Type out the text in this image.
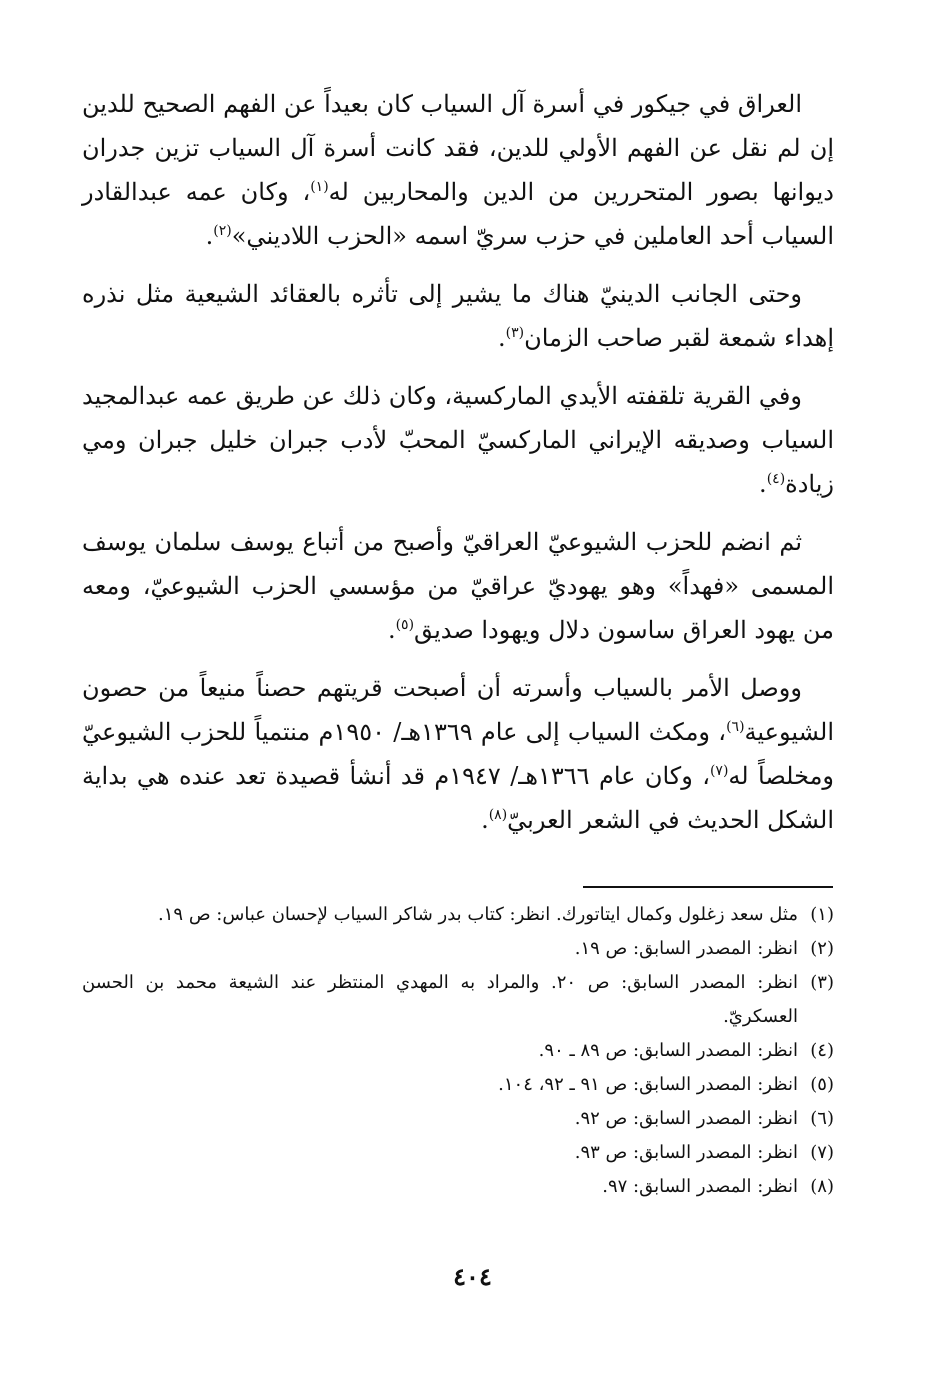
العراق في جيكور في أسرة آل السياب كان بعيداً عن الفهم الصحيح للدين إن لم نقل عن الفهم الأولي للدين، فقد كانت أسرة آل السياب تزين جدران ديوانها بصور المتحررين من الدين والمحاربين له$^{(١)}$، وكان عمه عبدالقادر السياب أحد العاملين في حزب سريّ اسمه «الحزب اللاديني»$^{(٢)}$.

وحتى الجانب الدينيّ هناك ما يشير إلى تأثره بالعقائد الشيعية مثل نذره إهداء شمعة لقبر صاحب الزمان$^{(٣)}$.

وفي القرية تلقفته الأيدي الماركسية، وكان ذلك عن طريق عمه عبدالمجيد السياب وصديقه الإيراني الماركسيّ المحبّ لأدب جبران خليل جبران ومي زيادة$^{(٤)}$.

ثم انضم للحزب الشيوعيّ العراقيّ وأصبح من أتباع يوسف سلمان يوسف المسمى «فهداً» وهو يهوديّ عراقيّ من مؤسسي الحزب الشيوعيّ، ومعه من يهود العراق ساسون دلال ويهودا صديق$^{(٥)}$.

ووصل الأمر بالسياب وأسرته أن أصبحت قريتهم حصناً منيعاً من حصون الشيوعية$^{(٦)}$، ومكث السياب إلى عام ١٣٦٩هـ/ ١٩٥٠م منتمياً للحزب الشيوعيّ ومخلصاً له$^{(٧)}$، وكان عام ١٣٦٦هـ/ ١٩٤٧م قد أنشأ قصيدة تعد عنده هي بداية الشكل الحديث في الشعر العربيّ$^{(٨)}$.

(١)
مثل سعد زغلول وكمال ايتاتورك. انظر: كتاب بدر شاكر السياب لإحسان عباس: ص ١٩.
(٢)
انظر: المصدر السابق: ص ١٩.
(٣)
انظر: المصدر السابق: ص ٢٠. والمراد به المهدي المنتظر عند الشيعة محمد بن الحسن العسكريّ.
(٤)
انظر: المصدر السابق: ص ٨٩ ـ ٩٠.
(٥)
انظر: المصدر السابق: ص ٩١ ـ ٩٢، ١٠٤.
(٦)
انظر: المصدر السابق: ص ٩٢.
(٧)
انظر: المصدر السابق: ص ٩٣.
(٨)
انظر: المصدر السابق: ٩٧.
٤٠٤
